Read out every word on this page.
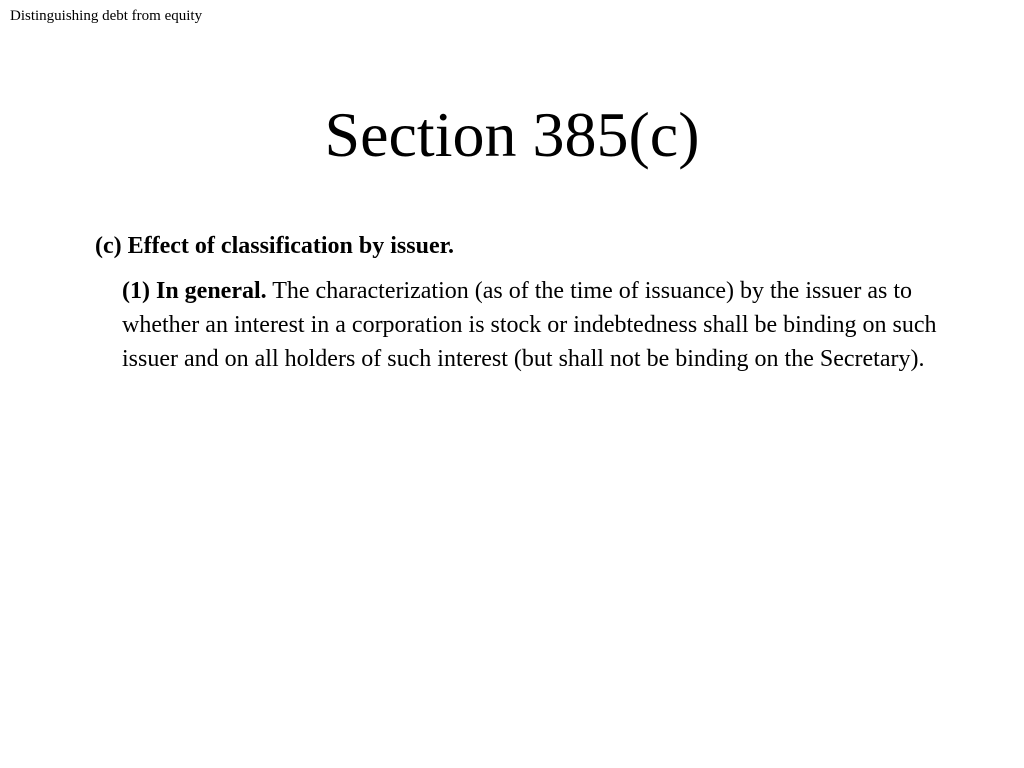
Distinguishing debt from equity
Section 385(c)
(c) Effect of classification by issuer.
(1) In general. The characterization (as of the time of issuance) by the issuer as to whether an interest in a corporation is stock or indebtedness shall be binding on such issuer and on all holders of such interest (but shall not be binding on the Secretary).
